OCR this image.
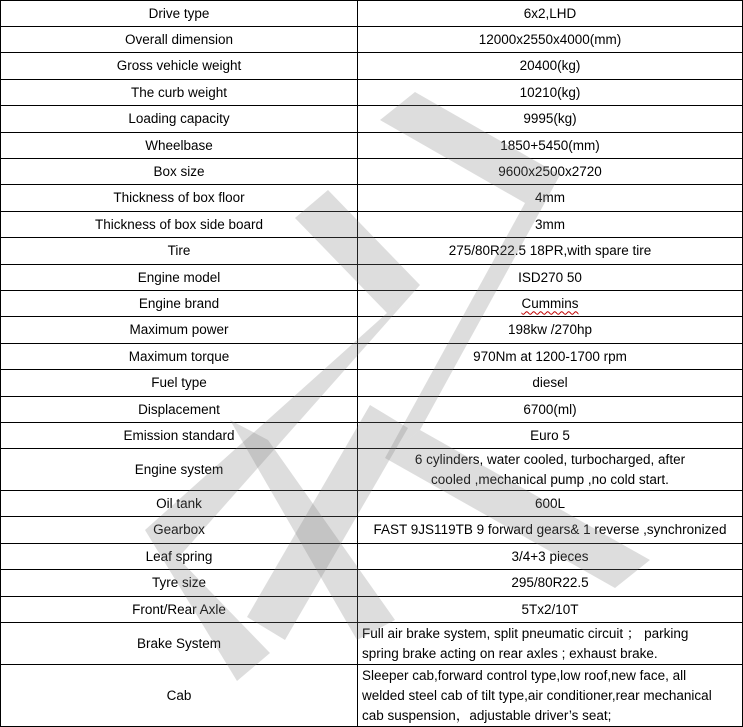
Drive type	6x2,LHD
Overall dimension	12000x2550x4000(mm)
Gross vehicle weight	20400(kg)
The curb weight	10210(kg)
Loading capacity	9995(kg)
Wheelbase	1850+5450(mm)
Box size	9600x2500x2720
Thickness of box floor	4mm
Thickness of box side board	3mm
Tire	275/80R22.5 18PR,with spare tire
Engine model	ISD270 50
Engine brand	Cummins
Maximum power	198kw /270hp
Maximum torque	970Nm at 1200-1700 rpm
Fuel type	diesel
Displacement	6700(ml)
Emission standard	Euro 5
Engine system	6 cylinders, water cooled, turbocharged, after
cooled ,mechanical pump ,no cold start.

Oil tank	600L
Gearbox	FAST 9JS119TB 9 forward gears& 1 reverse ,synchronized
Leaf spring	3/4+3 pieces
Tyre size	295/80R22.5
Front/Rear Axle	5Tx2/10T
Brake System	Full air brake system, split pneumatic circuit ； parking
spring brake acting on rear axles ; exhaust brake.

Cab	Sleeper cab,forward control type,low roof,new face, all
welded steel cab of tilt type,air conditioner,rear mechanical
cab suspension，adjustable driver’s seat;
